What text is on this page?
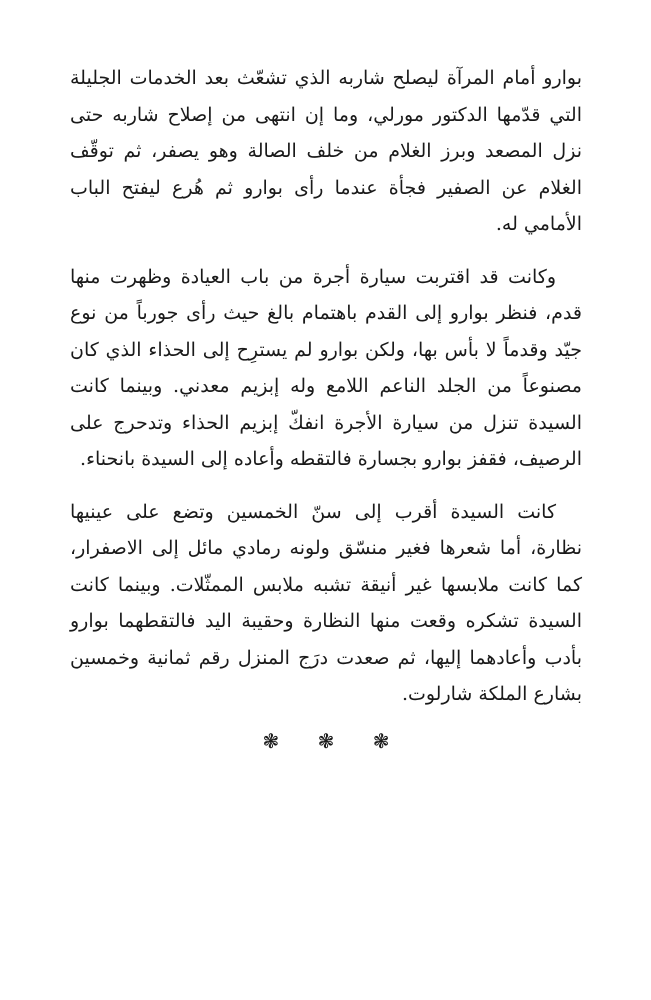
بوارو أمام المرآة ليصلح شاربه الذي تشعّث بعد الخدمات الجليلة التي قدّمها الدكتور مورلي، وما إن انتهى من إصلاح شاربه حتى نزل المصعد وبرز الغلام من خلف الصالة وهو يصفر، ثم توقّف الغلام عن الصفير فجأة عندما رأى بوارو ثم هُرع ليفتح الباب الأمامي له.

وكانت قد اقتربت سيارة أجرة من باب العيادة وظهرت منها قدم، فنظر بوارو إلى القدم باهتمام بالغ حيث رأى جورباً من نوع جيّد وقدماً لا بأس بها، ولكن بوارو لم يسترِح إلى الحذاء الذي كان مصنوعاً من الجلد الناعم اللامع وله إبزيم معدني. وبينما كانت السيدة تنزل من سيارة الأجرة انفكّ إبزيم الحذاء وتدحرج على الرصيف، فقفز بوارو بجسارة فالتقطه وأعاده إلى السيدة بانحناء.

كانت السيدة أقرب إلى سنّ الخمسين وتضع على عينيها نظارة، أما شعرها فغير منسّق ولونه رمادي مائل إلى الاصفرار، كما كانت ملابسها غير أنيقة تشبه ملابس الممثّلات. وبينما كانت السيدة تشكره وقعت منها النظارة وحقيبة اليد فالتقطهما بوارو بأدب وأعادهما إليها، ثم صعدت درَج المنزل رقم ثمانية وخمسين بشارع الملكة شارلوت.

❃ ❃ ❃
